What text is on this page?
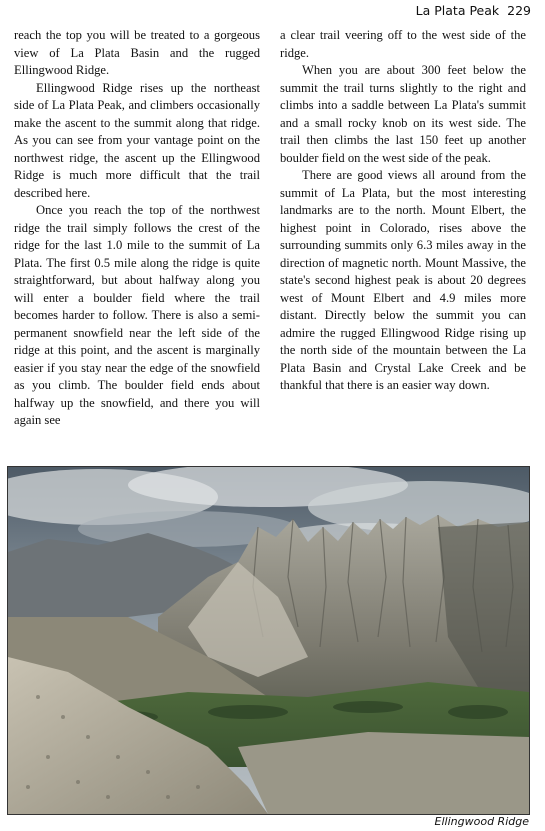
La Plata Peak 229

reach the top you will be treated to a gorgeous view of La Plata Basin and the rugged Ellingwood Ridge.

Ellingwood Ridge rises up the northeast side of La Plata Peak, and climbers occasionally make the ascent to the summit along that ridge. As you can see from your vantage point on the northwest ridge, the ascent up the Ellingwood Ridge is much more difficult that the trail described here.

Once you reach the top of the northwest ridge the trail simply follows the crest of the ridge for the last 1.0 mile to the summit of La Plata. The first 0.5 mile along the ridge is quite straightforward, but about halfway along you will enter a boulder field where the trail becomes harder to follow. There is also a semi-permanent snowfield near the left side of the ridge at this point, and the ascent is marginally easier if you stay near the edge of the snowfield as you climb. The boulder field ends about halfway up the snowfield, and there you will again see

a clear trail veering off to the west side of the ridge.

When you are about 300 feet below the summit the trail turns slightly to the right and climbs into a saddle between La Plata's summit and a small rocky knob on its west side. The trail then climbs the last 150 feet up another boulder field on the west side of the peak.

There are good views all around from the summit of La Plata, but the most interesting landmarks are to the north. Mount Elbert, the highest point in Colorado, rises above the surrounding summits only 6.3 miles away in the direction of magnetic north. Mount Massive, the state's second highest peak is about 20 degrees west of Mount Elbert and 4.9 miles more distant. Directly below the summit you can admire the rugged Ellingwood Ridge rising up the north side of the mountain between the La Plata Basin and Crystal Lake Creek and be thankful that there is an easier way down.

Ellingwood Ridge
